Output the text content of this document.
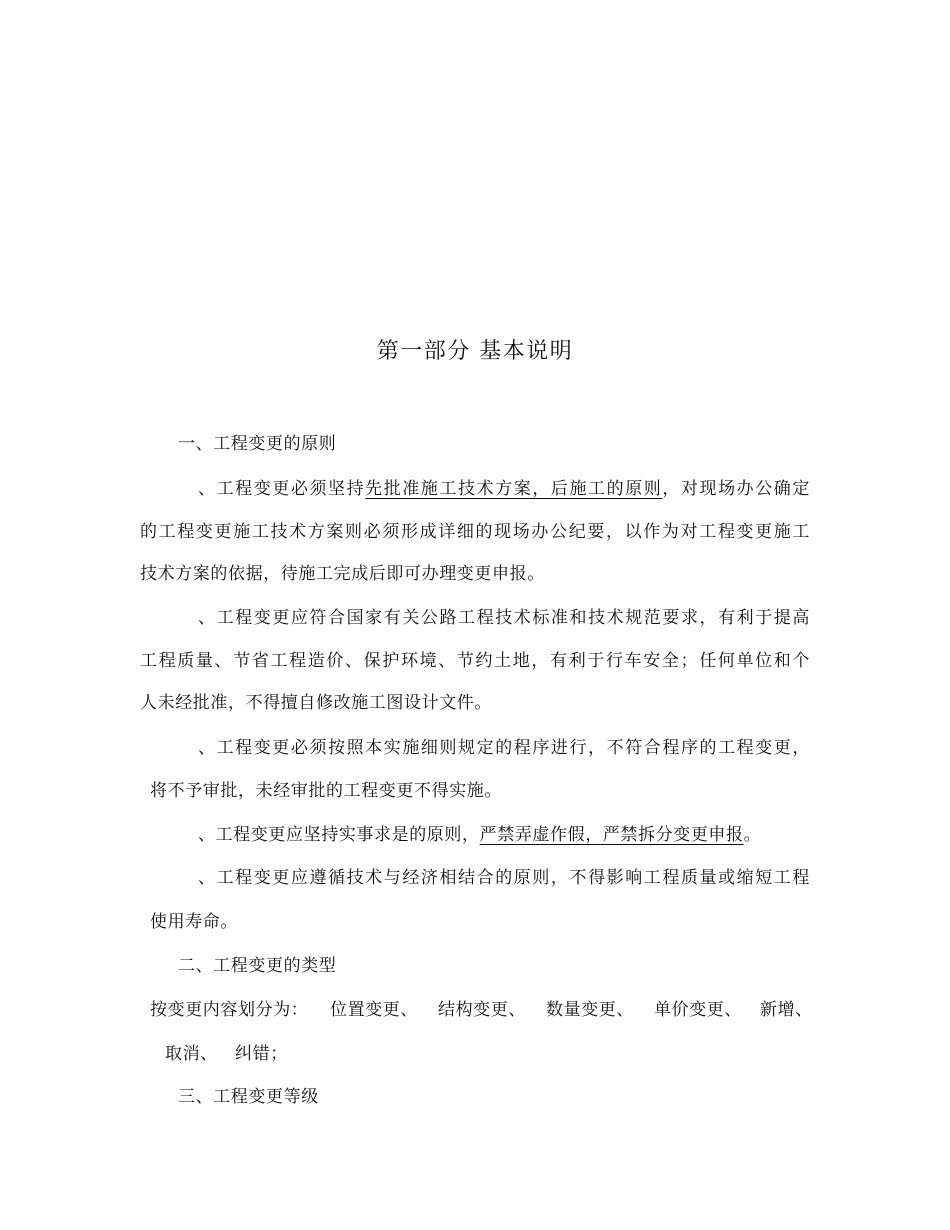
第一部分 基本说明
一、工程变更的原则
、工程变更必须坚持先批准施工技术方案，后施工的原则，对现场办公确定
的工程变更施工技术方案则必须形成详细的现场办公纪要，以作为对工程变更施工
技术方案的依据，待施工完成后即可办理变更申报。
、工程变更应符合国家有关公路工程技术标准和技术规范要求，有利于提高
工程质量、节省工程造价、保护环境、节约土地，有利于行车安全；任何单位和个
人未经批准，不得擅自修改施工图设计文件。
、工程变更必须按照本实施细则规定的程序进行，不符合程序的工程变更，
将不予审批，未经审批的工程变更不得实施。
、工程变更应坚持实事求是的原则，严禁弄虚作假，严禁拆分变更申报。
、工程变更应遵循技术与经济相结合的原则，不得影响工程质量或缩短工程
使用寿命。
二、工程变更的类型
按变更内容划分为： 位置变更、 结构变更、 数量变更、 单价变更、 新增、
取消、 纠错；
三、工程变更等级
